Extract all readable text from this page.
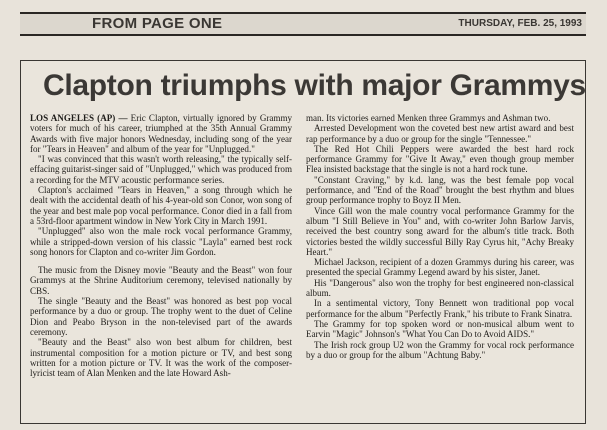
FROM PAGE ONE	THURSDAY, FEB. 25, 1993
Clapton triumphs with major Grammys

LOS ANGELES (AP) — Eric Clapton, virtually ignored by Grammy voters for much of his career, triumphed at the 35th Annual Grammy Awards with five major honors Wednesday, including song of the year for "Tears in Heaven" and album of the year for "Unplugged."

"I was convinced that this wasn't worth releasing," the typically self-effacing guitarist-singer said of "Unplugged," which was produced from a recording for the MTV acoustic performance series.

Clapton's acclaimed "Tears in Heaven," a song through which he dealt with the accidental death of his 4-year-old son Conor, won song of the year and best male pop vocal performance. Conor died in a fall from a 53rd-floor apartment window in New York City in March 1991.

"Unplugged" also won the male rock vocal performance Grammy, while a stripped-down version of his classic "Layla" earned best rock song honors for Clapton and co-writer Jim Gordon.

The music from the Disney movie "Beauty and the Beast" won four Grammys at the Shrine Auditorium ceremony, televised nationally by CBS.

The single "Beauty and the Beast" was honored as best pop vocal performance by a duo or group. The trophy went to the duet of Celine Dion and Peabo Bryson in the non-televised part of the awards ceremony.

"Beauty and the Beast" also won best album for children, best instrumental composition for a motion picture or TV, and best song written for a motion picture or TV. It was the work of the composer-lyricist team of Alan Menken and the late Howard Ash-

man. Its victories earned Menken three Grammys and Ashman two.

Arrested Development won the coveted best new artist award and best rap performance by a duo or group for the single "Tennessee."

The Red Hot Chili Peppers were awarded the best hard rock performance Grammy for "Give It Away," even though group member Flea insisted backstage that the single is not a hard rock tune.

"Constant Craving," by k.d. lang, was the best female pop vocal performance, and "End of the Road" brought the best rhythm and blues group performance trophy to Boyz II Men.

Vince Gill won the male country vocal performance Grammy for the album "I Still Believe in You" and, with co-writer John Barlow Jarvis, received the best country song award for the album's title track. Both victories bested the wildly successful Billy Ray Cyrus hit, "Achy Breaky Heart."

Michael Jackson, recipient of a dozen Grammys during his career, was presented the special Grammy Legend award by his sister, Janet.

His "Dangerous" also won the trophy for best engineered non-classical album.

In a sentimental victory, Tony Bennett won traditional pop vocal performance for the album "Perfectly Frank," his tribute to Frank Sinatra.

The Grammy for top spoken word or non-musical album went to Earvin "Magic" Johnson's "What You Can Do to Avoid AIDS."

The Irish rock group U2 won the Grammy for vocal rock performance by a duo or group for the album "Achtung Baby."
